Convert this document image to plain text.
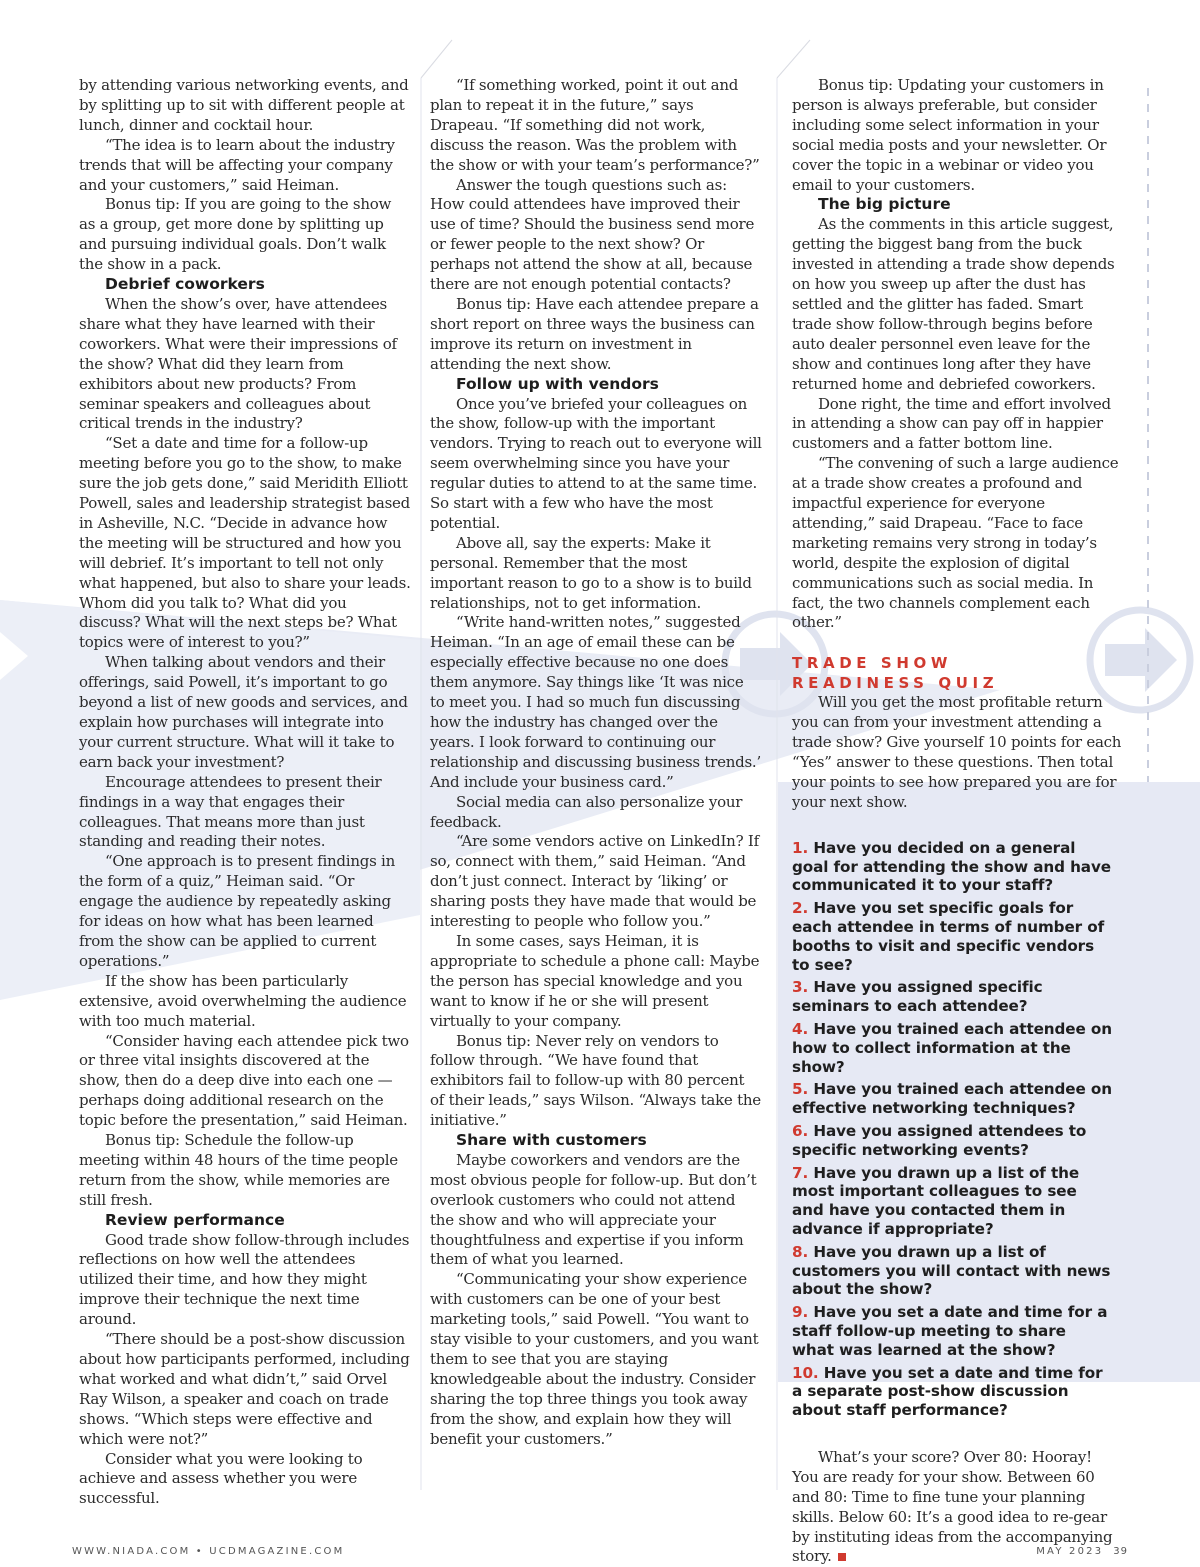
by attending various networking events, and by splitting up to sit with different people at lunch, dinner and cocktail hour.

“The idea is to learn about the industry trends that will be affecting your company and your customers,” said Heiman.

Bonus tip: If you are going to the show as a group, get more done by splitting up and pursuing individual goals. Don’t walk the show in a pack.

Debrief coworkers

When the show’s over, have attendees share what they have learned with their coworkers. What were their impressions of the show? What did they learn from exhibitors about new products? From seminar speakers and colleagues about critical trends in the industry?

“Set a date and time for a follow-up meeting before you go to the show, to make sure the job gets done,” said Meridith Elliott Powell, sales and leadership strategist based in Asheville, N.C. “Decide in advance how the meeting will be structured and how you will debrief. It’s important to tell not only what happened, but also to share your leads. Whom did you talk to? What did you discuss? What will the next steps be? What topics were of interest to you?”

When talking about vendors and their offerings, said Powell, it’s important to go beyond a list of new goods and services, and explain how purchases will integrate into your current structure. What will it take to earn back your investment?

Encourage attendees to present their findings in a way that engages their colleagues. That means more than just standing and reading their notes.

“One approach is to present findings in the form of a quiz,” Heiman said. “Or engage the audience by repeatedly asking for ideas on how what has been learned from the show can be applied to current operations.”

If the show has been particularly extensive, avoid overwhelming the audience with too much material.

“Consider having each attendee pick two or three vital insights discovered at the show, then do a deep dive into each one — perhaps doing additional research on the topic before the presentation,” said Heiman.

Bonus tip: Schedule the follow-up meeting within 48 hours of the time people return from the show, while memories are still fresh.

Review performance

Good trade show follow-through includes reflections on how well the attendees utilized their time, and how they might improve their technique the next time around.

“There should be a post-show discussion about how participants performed, including what worked and what didn’t,” said Orvel Ray Wilson, a speaker and coach on trade shows. “Which steps were effective and which were not?”

Consider what you were looking to achieve and assess whether you were successful.

“If something worked, point it out and plan to repeat it in the future,” says Drapeau. “If something did not work, discuss the reason. Was the problem with the show or with your team’s performance?”

Answer the tough questions such as: How could attendees have improved their use of time? Should the business send more or fewer people to the next show? Or perhaps not attend the show at all, because there are not enough potential contacts?

Bonus tip: Have each attendee prepare a short report on three ways the business can improve its return on investment in attending the next show.

Follow up with vendors

Once you’ve briefed your colleagues on the show, follow-up with the important vendors. Trying to reach out to everyone will seem overwhelming since you have your regular duties to attend to at the same time. So start with a few who have the most potential.

Above all, say the experts: Make it personal. Remember that the most important reason to go to a show is to build relationships, not to get information.

“Write hand-written notes,” suggested Heiman. “In an age of email these can be especially effective because no one does them anymore. Say things like ‘It was nice to meet you. I had so much fun discussing how the industry has changed over the years. I look forward to continuing our relationship and discussing business trends.’ And include your business card.”

Social media can also personalize your feedback.

“Are some vendors active on LinkedIn? If so, connect with them,” said Heiman. “And don’t just connect. Interact by ‘liking’ or sharing posts they have made that would be interesting to people who follow you.”

In some cases, says Heiman, it is appropriate to schedule a phone call: Maybe the person has special knowledge and you want to know if he or she will present virtually to your company.

Bonus tip: Never rely on vendors to follow through. “We have found that exhibitors fail to follow-up with 80 percent of their leads,” says Wilson. “Always take the initiative.”

Share with customers

Maybe coworkers and vendors are the most obvious people for follow-up. But don’t overlook customers who could not attend the show and who will appreciate your thoughtfulness and expertise if you inform them of what you learned.

“Communicating your show experience with customers can be one of your best marketing tools,” said Powell. “You want to stay visible to your customers, and you want them to see that you are staying knowledgeable about the industry. Consider sharing the top three things you took away from the show, and explain how they will benefit your customers.”

Bonus tip: Updating your customers in person is always preferable, but consider including some select information in your social media posts and your newsletter. Or cover the topic in a webinar or video you email to your customers.

The big picture

As the comments in this article suggest, getting the biggest bang from the buck invested in attending a trade show depends on how you sweep up after the dust has settled and the glitter has faded. Smart trade show follow-through begins before auto dealer personnel even leave for the show and continues long after they have returned home and debriefed coworkers.

Done right, the time and effort involved in attending a show can pay off in happier customers and a fatter bottom line.

“The convening of such a large audience at a trade show creates a profound and impactful experience for everyone attending,” said Drapeau. “Face to face marketing remains very strong in today’s world, despite the explosion of digital communications such as social media. In fact, the two channels complement each other.”

TRADE SHOW
READINESS QUIZ

Will you get the most profitable return you can from your investment attending a trade show? Give yourself 10 points for each “Yes” answer to these questions. Then total your points to see how prepared you are for your next show.

1. Have you decided on a general goal for attending the show and have communicated it to your staff?
2. Have you set specific goals for each attendee in terms of number of booths to visit and specific vendors to see?
3. Have you assigned specific seminars to each attendee?
4. Have you trained each attendee on how to collect information at the show?
5. Have you trained each attendee on effective networking techniques?
6. Have you assigned attendees to specific networking events?
7. Have you drawn up a list of the most important colleagues to see and have you contacted them in advance if appropriate?
8. Have you drawn up a list of customers you will contact with news about the show?
9. Have you set a date and time for a staff follow-up meeting to share what was learned at the show?
10. Have you set a date and time for a separate post-show discussion about staff performance?

What’s your score? Over 80: Hooray! You are ready for your show. Between 60 and 80: Time to fine tune your planning skills. Below 60: It’s a good idea to re-gear by instituting ideas from the accompanying story.

WWW.NIADA.COM • UCDMAGAZINE.COM	MAY 2023 39
